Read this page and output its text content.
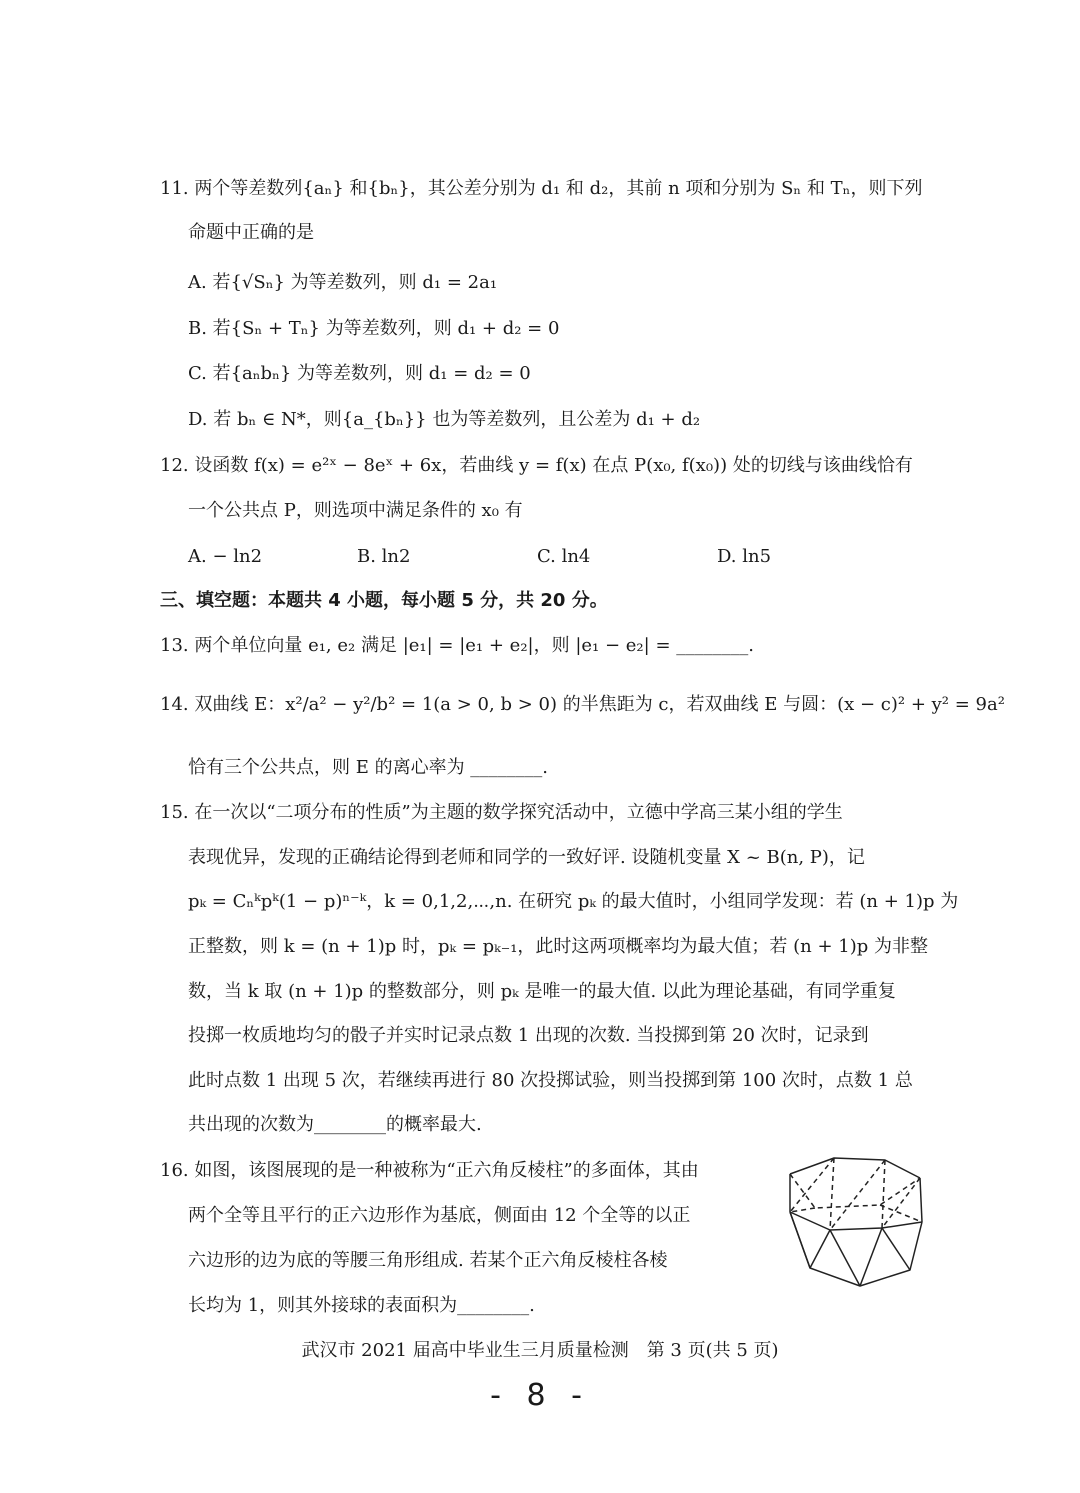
11. 两个等差数列{aₙ} 和{bₙ}，其公差分别为 d₁ 和 d₂，其前 n 项和分别为 Sₙ 和 Tₙ，则下列
命题中正确的是
A. 若{√Sₙ} 为等差数列，则 d₁ = 2a₁
B. 若{Sₙ + Tₙ} 为等差数列，则 d₁ + d₂ = 0
C. 若{aₙbₙ} 为等差数列，则 d₁ = d₂ = 0
D. 若 bₙ ∈ N*，则{a_{bₙ}} 也为等差数列，且公差为 d₁ + d₂
12. 设函数 f(x) = e²ˣ − 8eˣ + 6x，若曲线 y = f(x) 在点 P(x₀, f(x₀)) 处的切线与该曲线恰有
一个公共点 P，则选项中满足条件的 x₀ 有
A. − ln2	B. ln2	C. ln4	D. ln5
三、填空题：本题共 4 小题，每小题 5 分，共 20 分。
13. 两个单位向量 e₁, e₂ 满足 |e₁| = |e₁ + e₂|，则 |e₁ − e₂| = ________.
14. 双曲线 E：x²/a² − y²/b² = 1(a > 0, b > 0) 的半焦距为 c，若双曲线 E 与圆：(x − c)² + y² = 9a²
恰有三个公共点，则 E 的离心率为 ________.
15. 在一次以“二项分布的性质”为主题的数学探究活动中，立德中学高三某小组的学生
表现优异，发现的正确结论得到老师和同学的一致好评. 设随机变量 X ~ B(n, P)，记
pₖ = Cₙᵏpᵏ(1 − p)ⁿ⁻ᵏ，k = 0,1,2,⋯,n. 在研究 pₖ 的最大值时，小组同学发现：若 (n + 1)p 为
正整数，则 k = (n + 1)p 时，pₖ = pₖ₋₁，此时这两项概率均为最大值；若 (n + 1)p 为非整
数，当 k 取 (n + 1)p 的整数部分，则 pₖ 是唯一的最大值. 以此为理论基础，有同学重复
投掷一枚质地均匀的骰子并实时记录点数 1 出现的次数. 当投掷到第 20 次时，记录到
此时点数 1 出现 5 次，若继续再进行 80 次投掷试验，则当投掷到第 100 次时，点数 1 总
共出现的次数为________的概率最大.
16. 如图，该图展现的是一种被称为“正六角反棱柱”的多面体，其由
两个全等且平行的正六边形作为基底，侧面由 12 个全等的以正
六边形的边为底的等腰三角形组成. 若某个正六角反棱柱各棱
长均为 1，则其外接球的表面积为________.
武汉市 2021 届高中毕业生三月质量检测　第 3 页(共 5 页)
- 8 -
